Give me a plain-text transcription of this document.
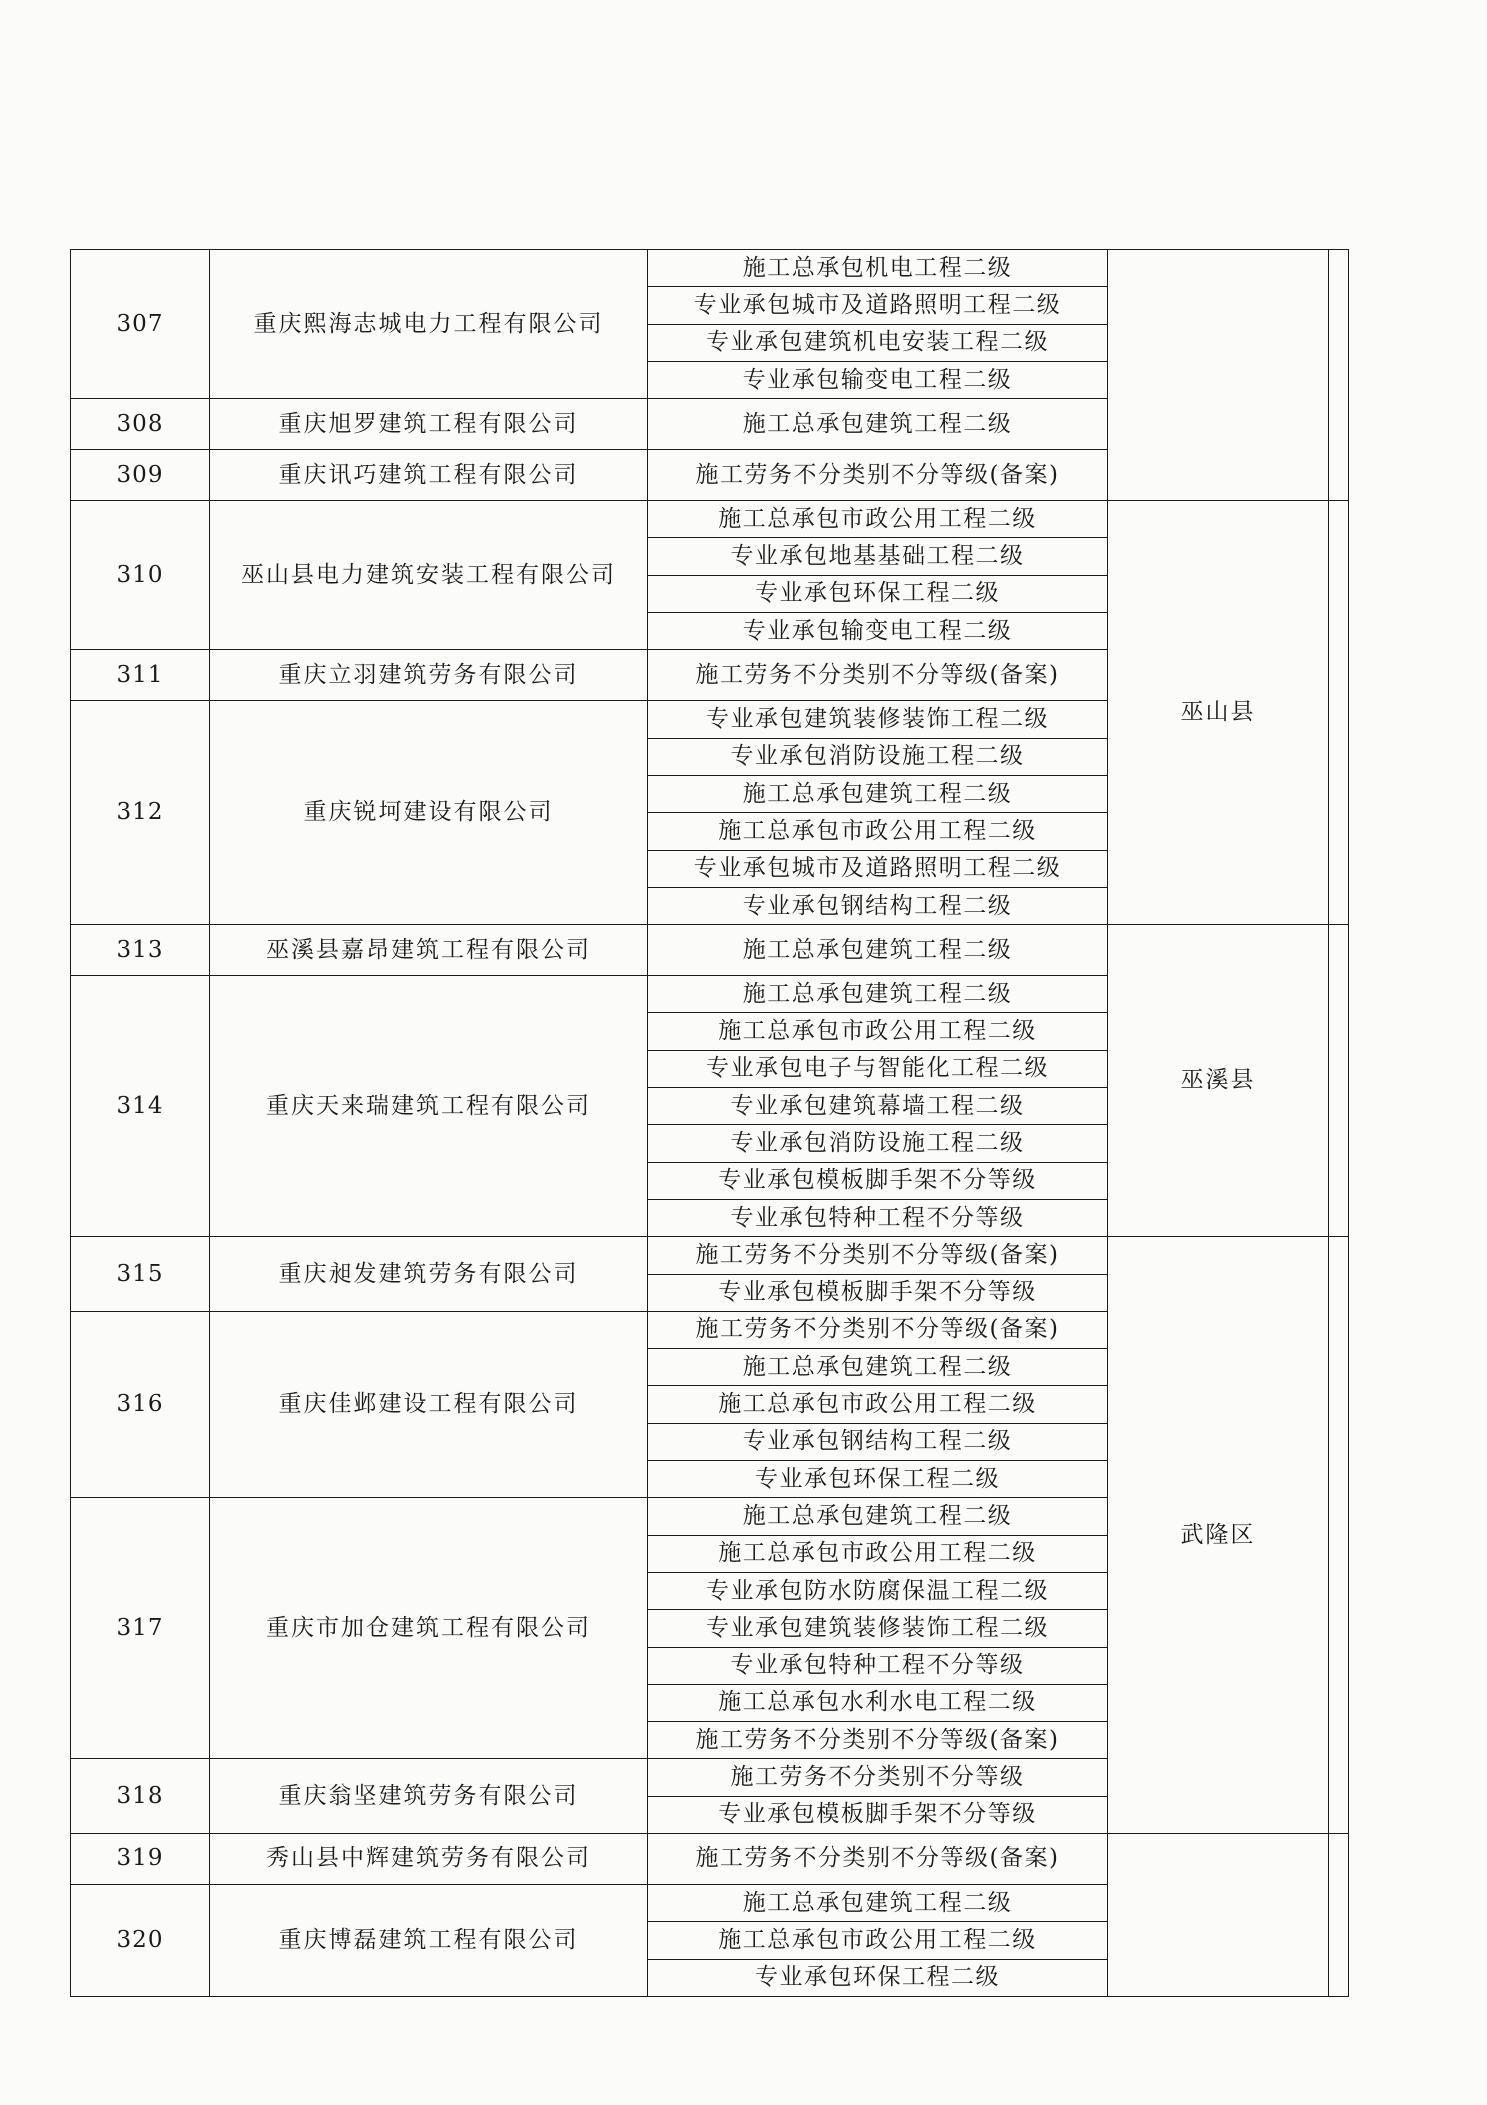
307	重庆熙海志城电力工程有限公司	施工总承包机电工程二级		
		专业承包城市及道路照明工程二级		
		专业承包建筑机电安装工程二级		
		专业承包输变电工程二级		
308	重庆旭罗建筑工程有限公司	施工总承包建筑工程二级		
309	重庆讯巧建筑工程有限公司	施工劳务不分类别不分等级(备案)		
310	巫山县电力建筑安装工程有限公司	施工总承包市政公用工程二级	巫山县	
		专业承包地基基础工程二级		
		专业承包环保工程二级		
		专业承包输变电工程二级		
311	重庆立羽建筑劳务有限公司	施工劳务不分类别不分等级(备案)		
312	重庆锐坷建设有限公司	专业承包建筑装修装饰工程二级		
		专业承包消防设施工程二级		
		施工总承包建筑工程二级		
		施工总承包市政公用工程二级		
		专业承包城市及道路照明工程二级		
		专业承包钢结构工程二级		
313	巫溪县嘉昂建筑工程有限公司	施工总承包建筑工程二级	巫溪县	
314	重庆天来瑞建筑工程有限公司	施工总承包建筑工程二级		
		施工总承包市政公用工程二级		
		专业承包电子与智能化工程二级		
		专业承包建筑幕墙工程二级		
		专业承包消防设施工程二级		
		专业承包模板脚手架不分等级		
		专业承包特种工程不分等级		
315	重庆昶发建筑劳务有限公司	施工劳务不分类别不分等级(备案)	武隆区	
		专业承包模板脚手架不分等级		
316	重庆佳邺建设工程有限公司	施工劳务不分类别不分等级(备案)		
		施工总承包建筑工程二级		
		施工总承包市政公用工程二级		
		专业承包钢结构工程二级		
		专业承包环保工程二级		
317	重庆市加仓建筑工程有限公司	施工总承包建筑工程二级		
		施工总承包市政公用工程二级		
		专业承包防水防腐保温工程二级		
		专业承包建筑装修装饰工程二级		
		专业承包特种工程不分等级		
		施工总承包水利水电工程二级		
		施工劳务不分类别不分等级(备案)		
318	重庆翁坚建筑劳务有限公司	施工劳务不分类别不分等级		
		专业承包模板脚手架不分等级		
319	秀山县中辉建筑劳务有限公司	施工劳务不分类别不分等级(备案)		
320	重庆博磊建筑工程有限公司	施工总承包建筑工程二级		
		施工总承包市政公用工程二级		
		专业承包环保工程二级		
